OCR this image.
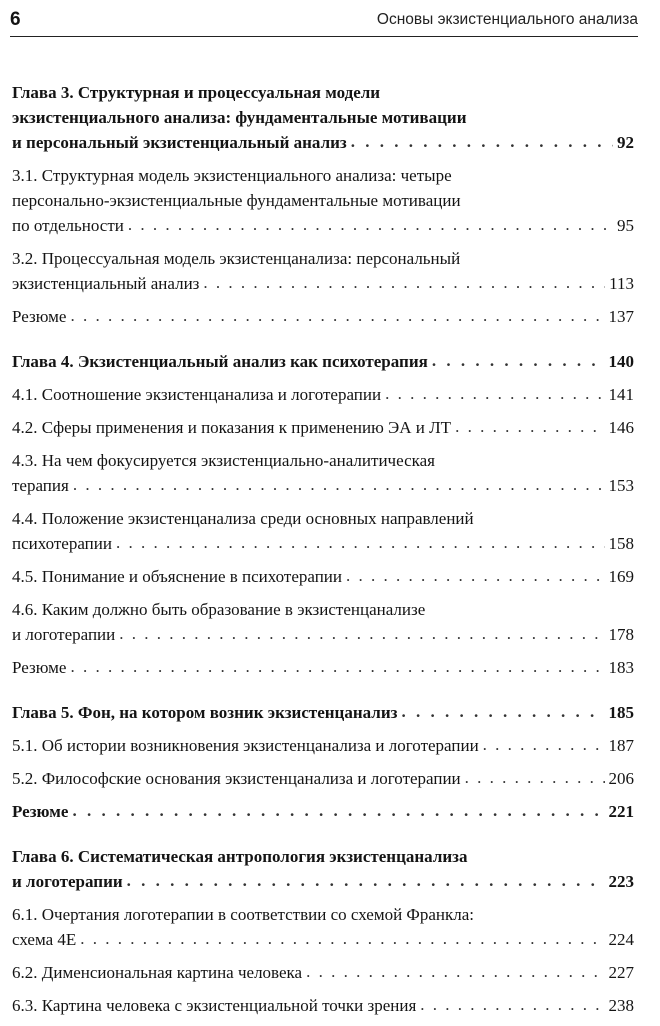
6	Основы экзистенциального анализа
Глава 3. Структурная и процессуальная модели
экзистенциального анализа: фундаментальные мотивации
и персональный экзистенциальный анализ . . .	92
3.1. Структурная модель экзистенциального анализа: четыре
персонально-экзистенциальные фундаментальные мотивации
по отдельности . . .	95
3.2. Процессуальная модель экзистенцанализа: персональный
экзистенциальный анализ . . .	113
Резюме . . .	137
Глава 4. Экзистенциальный анализ как психотерапия . . .	140
4.1. Соотношение экзистенцанализа и логотерапии . . .	141
4.2. Сферы применения и показания к применению ЭА и ЛТ . . .	146
4.3. На чем фокусируется экзистенциально-аналитическая
терапия . . .	153
4.4. Положение экзистенцанализа среди основных направлений
психотерапии . . .	158
4.5. Понимание и объяснение в психотерапии . . .	169
4.6. Каким должно быть образование в экзистенцанализе
и логотерапии . . .	178
Резюме . . .	183
Глава 5. Фон, на котором возник экзистенцанализ . . .	185
5.1. Об истории возникновения экзистенцанализа и логотерапии . . .	187
5.2. Философские основания экзистенцанализа и логотерапии . . .	206
Резюме . . .	221
Глава 6. Систематическая антропология экзистенцанализа
и логотерапии . . .	223
6.1. Очертания логотерапии в соответствии со схемой Франкла:
схема 4Е . . .	224
6.2. Дименсиональная картина человека . . .	227
6.3. Картина человека с экзистенциальной точки зрения . . .	238
